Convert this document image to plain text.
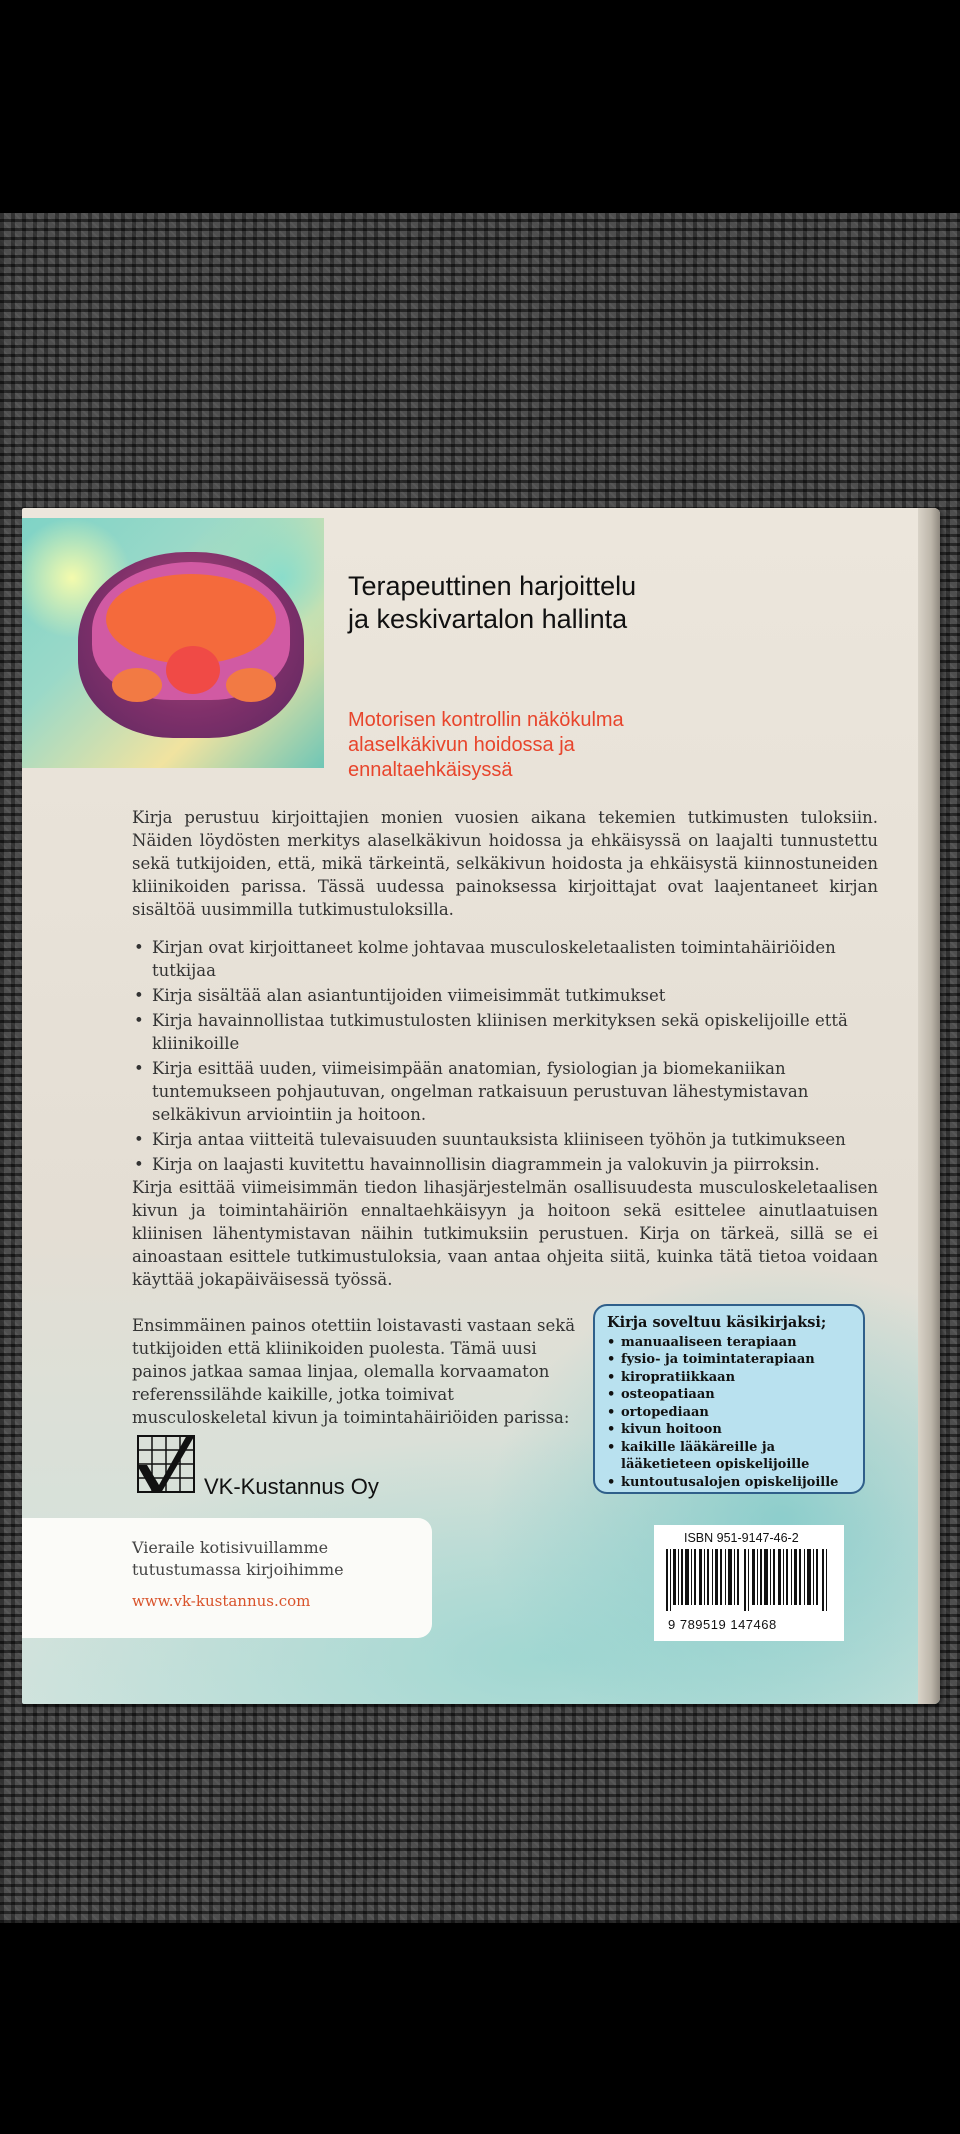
Terapeuttinen harjoittelu ja keskivartalon hallinta

Motorisen kontrollin näkökulma alaselkäkivun hoidossa ja ennaltaehkäisyssä

Kirja perustuu kirjoittajien monien vuosien aikana tekemien tutkimusten tuloksiin. Näiden löydösten merkitys alaselkäkivun hoidossa ja ehkäisyssä on laajalti tunnustettu sekä tutkijoiden, että, mikä tärkeintä, selkäkivun hoidosta ja ehkäisystä kiinnostuneiden kliinikoiden parissa. Tässä uudessa painoksessa kirjoittajat ovat laajentaneet kirjan sisältöä uusimmilla tutkimustuloksilla.

• Kirjan ovat kirjoittaneet kolme johtavaa musculoskeletaalisten toimintahäiriöiden tutkijaa
• Kirja sisältää alan asiantuntijoiden viimeisimmät tutkimukset
• Kirja havainnollistaa tutkimustulosten kliinisen merkityksen sekä opiskelijoille että kliinikoille
• Kirja esittää uuden, viimeisimpään anatomian, fysiologian ja biomekaniikan tuntemukseen pohjautuvan, ongelman ratkaisuun perustuvan lähestymistavan selkäkivun arviointiin ja hoitoon.
• Kirja antaa viitteitä tulevaisuuden suuntauksista kliiniseen työhön ja tutkimukseen
• Kirja on laajasti kuvitettu havainnollisin diagrammein ja valokuvin ja piirroksin.

Kirja esittää viimeisimmän tiedon lihasjärjestelmän osallisuudesta musculoskeletaalisen kivun ja toimintahäiriön ennaltaehkäisyyn ja hoitoon sekä esittelee ainutlaatuisen kliinisen lähentymistavan näihin tutkimuksiin perustuen. Kirja on tärkeä, sillä se ei ainoastaan esittele tutkimustuloksia, vaan antaa ohjeita siitä, kuinka tätä tietoa voidaan käyttää jokapäiväisessä työssä.

Ensimmäinen painos otettiin loistavasti vastaan sekä tutkijoiden että kliinikoiden puolesta. Tämä uusi painos jatkaa samaa linjaa, olemalla korvaamaton referenssilähde kaikille, jotka toimivat musculoskeletal kivun ja toimintahäiriöiden parissa:

Kirja soveltuu käsikirjaksi;
• manuaaliseen terapiaan
• fysio- ja toimintaterapiaan
• kiropratiikkaan
• osteopatiaan
• ortopediaan
• kivun hoitoon
• kaikille lääkäreille ja lääketieteen opiskelijoille
• kuntoutusalojen opiskelijoille

VK-Kustannus Oy

Vieraile kotisivuillamme

tutustumassa kirjoihimme

www.vk-kustannus.com

ISBN 951-9147-46-2

9 789519 147468
